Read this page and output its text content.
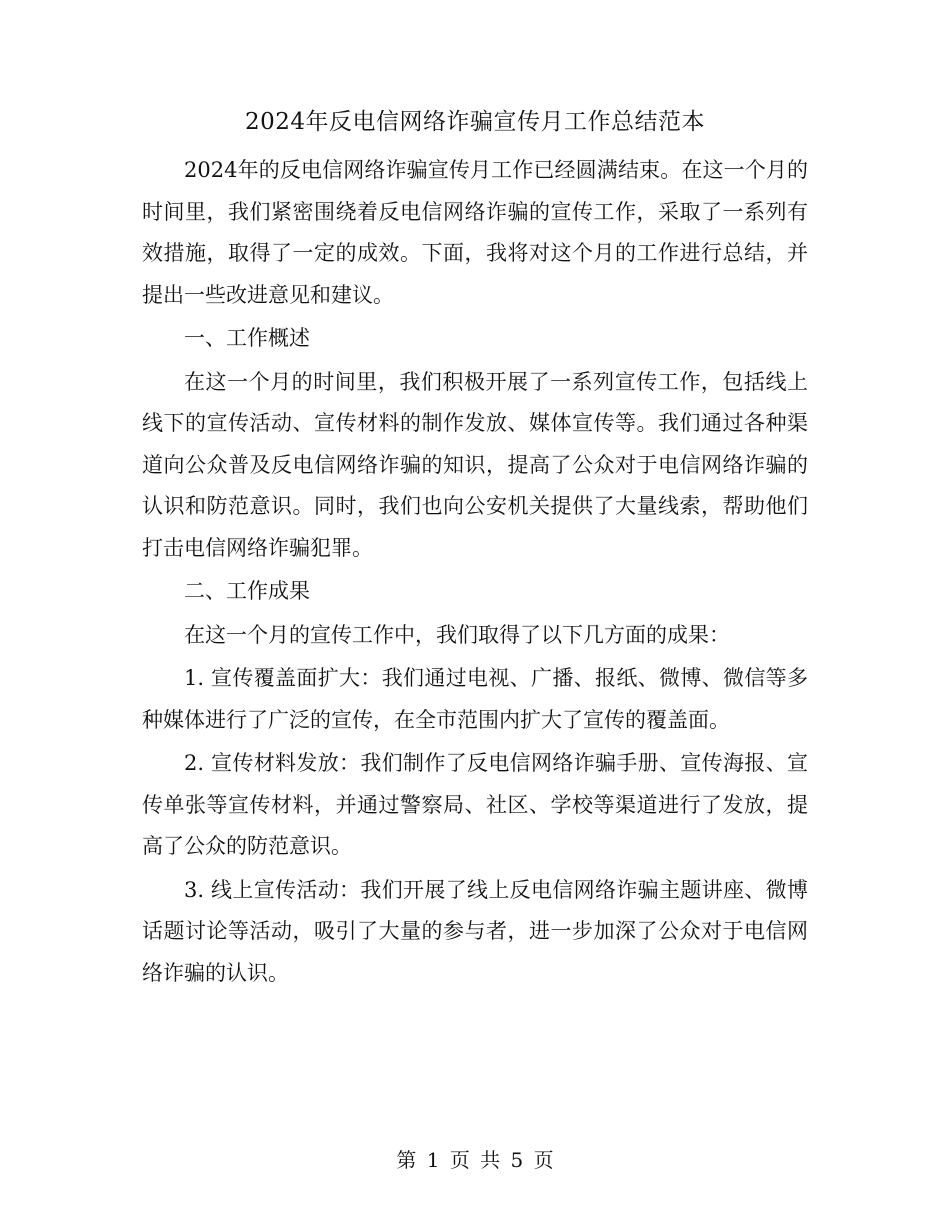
2024年反电信网络诈骗宣传月工作总结范本

2024年的反电信网络诈骗宣传月工作已经圆满结束。在这一个月的时间里，我们紧密围绕着反电信网络诈骗的宣传工作，采取了一系列有效措施，取得了一定的成效。下面，我将对这个月的工作进行总结，并提出一些改进意见和建议。

一、工作概述

在这一个月的时间里，我们积极开展了一系列宣传工作，包括线上线下的宣传活动、宣传材料的制作发放、媒体宣传等。我们通过各种渠道向公众普及反电信网络诈骗的知识，提高了公众对于电信网络诈骗的认识和防范意识。同时，我们也向公安机关提供了大量线索，帮助他们打击电信网络诈骗犯罪。

二、工作成果

在这一个月的宣传工作中，我们取得了以下几方面的成果：

1. 宣传覆盖面扩大：我们通过电视、广播、报纸、微博、微信等多种媒体进行了广泛的宣传，在全市范围内扩大了宣传的覆盖面。

2. 宣传材料发放：我们制作了反电信网络诈骗手册、宣传海报、宣传单张等宣传材料，并通过警察局、社区、学校等渠道进行了发放，提高了公众的防范意识。

3. 线上宣传活动：我们开展了线上反电信网络诈骗主题讲座、微博话题讨论等活动，吸引了大量的参与者，进一步加深了公众对于电信网络诈骗的认识。

第 1 页 共 5 页
